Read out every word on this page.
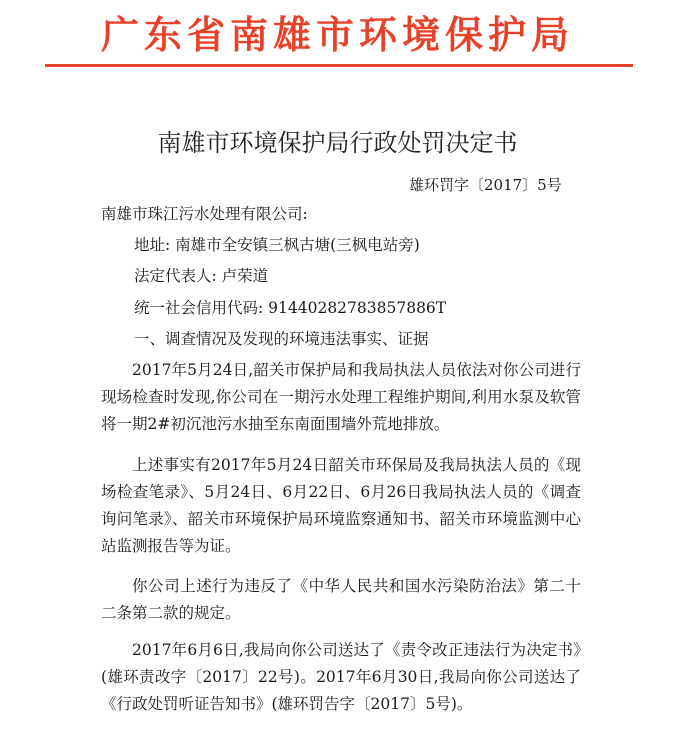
广东省南雄市环境保护局
南雄市环境保护局行政处罚决定书
雄环罚字〔2017〕5号
南雄市珠江污水处理有限公司:
地址: 南雄市全安镇三枫古塘(三枫电站旁)
法定代表人: 卢荣道
统一社会信用代码: 91440282783857886T
一、调查情况及发现的环境违法事实、证据

2017年5月24日,韶关市保护局和我局执法人员依法对你公司进行现场检查时发现,你公司在一期污水处理工程维护期间,利用水泵及软管将一期2#初沉池污水抽至东南面围墙外荒地排放。

上述事实有2017年5月24日韶关市环保局及我局执法人员的《现场检查笔录》、5月24日、6月22日、6月26日我局执法人员的《调查询问笔录》、韶关市环境保护局环境监察通知书、韶关市环境监测中心站监测报告等为证。

你公司上述行为违反了《中华人民共和国水污染防治法》第二十二条第二款的规定。

2017年6月6日,我局向你公司送达了《责令改正违法行为决定书》(雄环责改字〔2017〕22号)。2017年6月30日,我局向你公司送达了《行政处罚听证告知书》(雄环罚告字〔2017〕5号)。
